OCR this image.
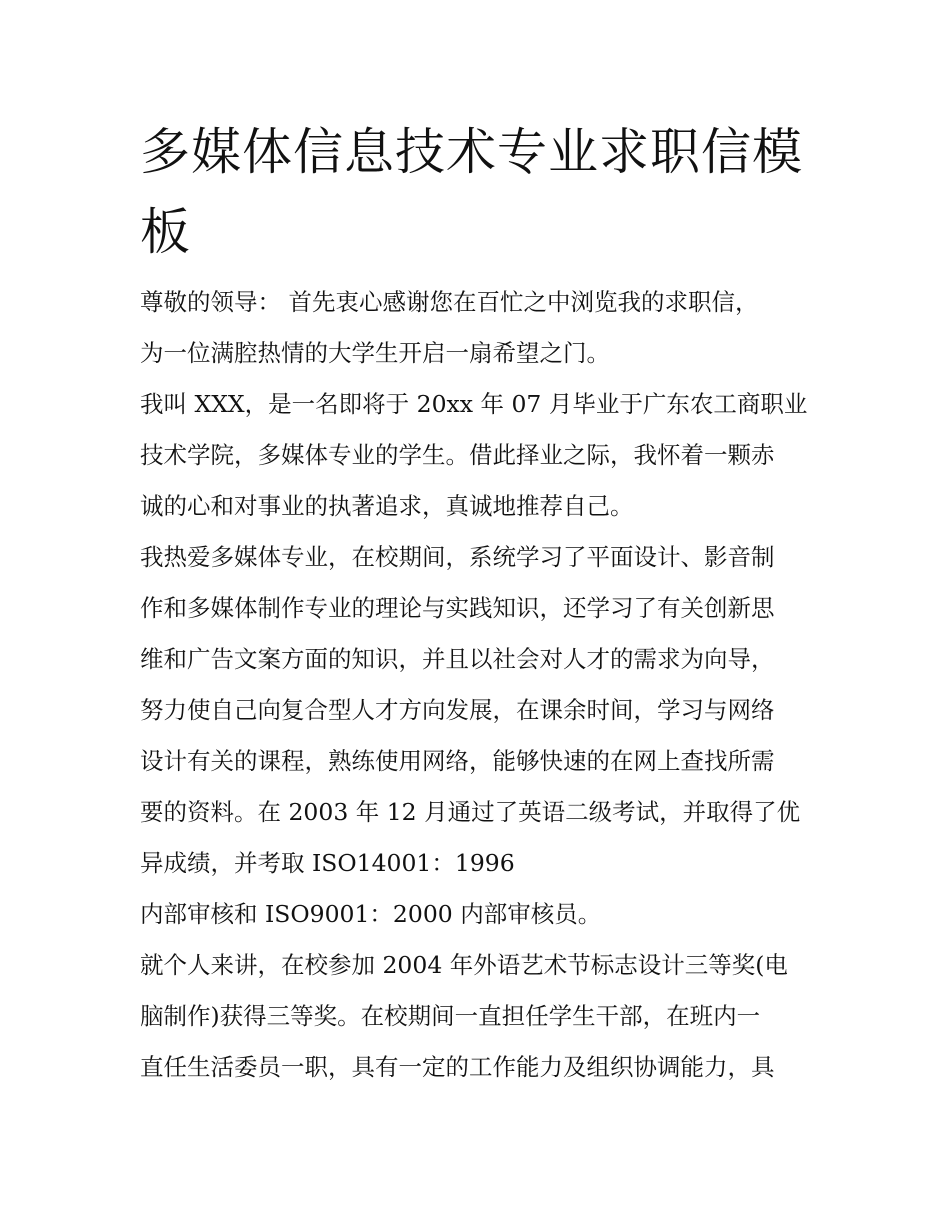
多媒体信息技术专业求职信模
板
尊敬的领导： 首先衷心感谢您在百忙之中浏览我的求职信，
为一位满腔热情的大学生开启一扇希望之门。
我叫 XXX，是一名即将于 20xx 年 07 月毕业于广东农工商职业
技术学院，多媒体专业的学生。借此择业之际，我怀着一颗赤
诚的心和对事业的执著追求，真诚地推荐自己。
我热爱多媒体专业，在校期间，系统学习了平面设计、影音制
作和多媒体制作专业的理论与实践知识，还学习了有关创新思
维和广告文案方面的知识，并且以社会对人才的需求为向导，
努力使自己向复合型人才方向发展，在课余时间，学习与网络
设计有关的课程，熟练使用网络，能够快速的在网上查找所需
要的资料。在 2003 年 12 月通过了英语二级考试，并取得了优
异成绩，并考取 ISO14001：1996
内部审核和 ISO9001：2000 内部审核员。
就个人来讲，在校参加 2004 年外语艺术节标志设计三等奖(电
脑制作)获得三等奖。在校期间一直担任学生干部，在班内一
直任生活委员一职，具有一定的工作能力及组织协调能力，具
